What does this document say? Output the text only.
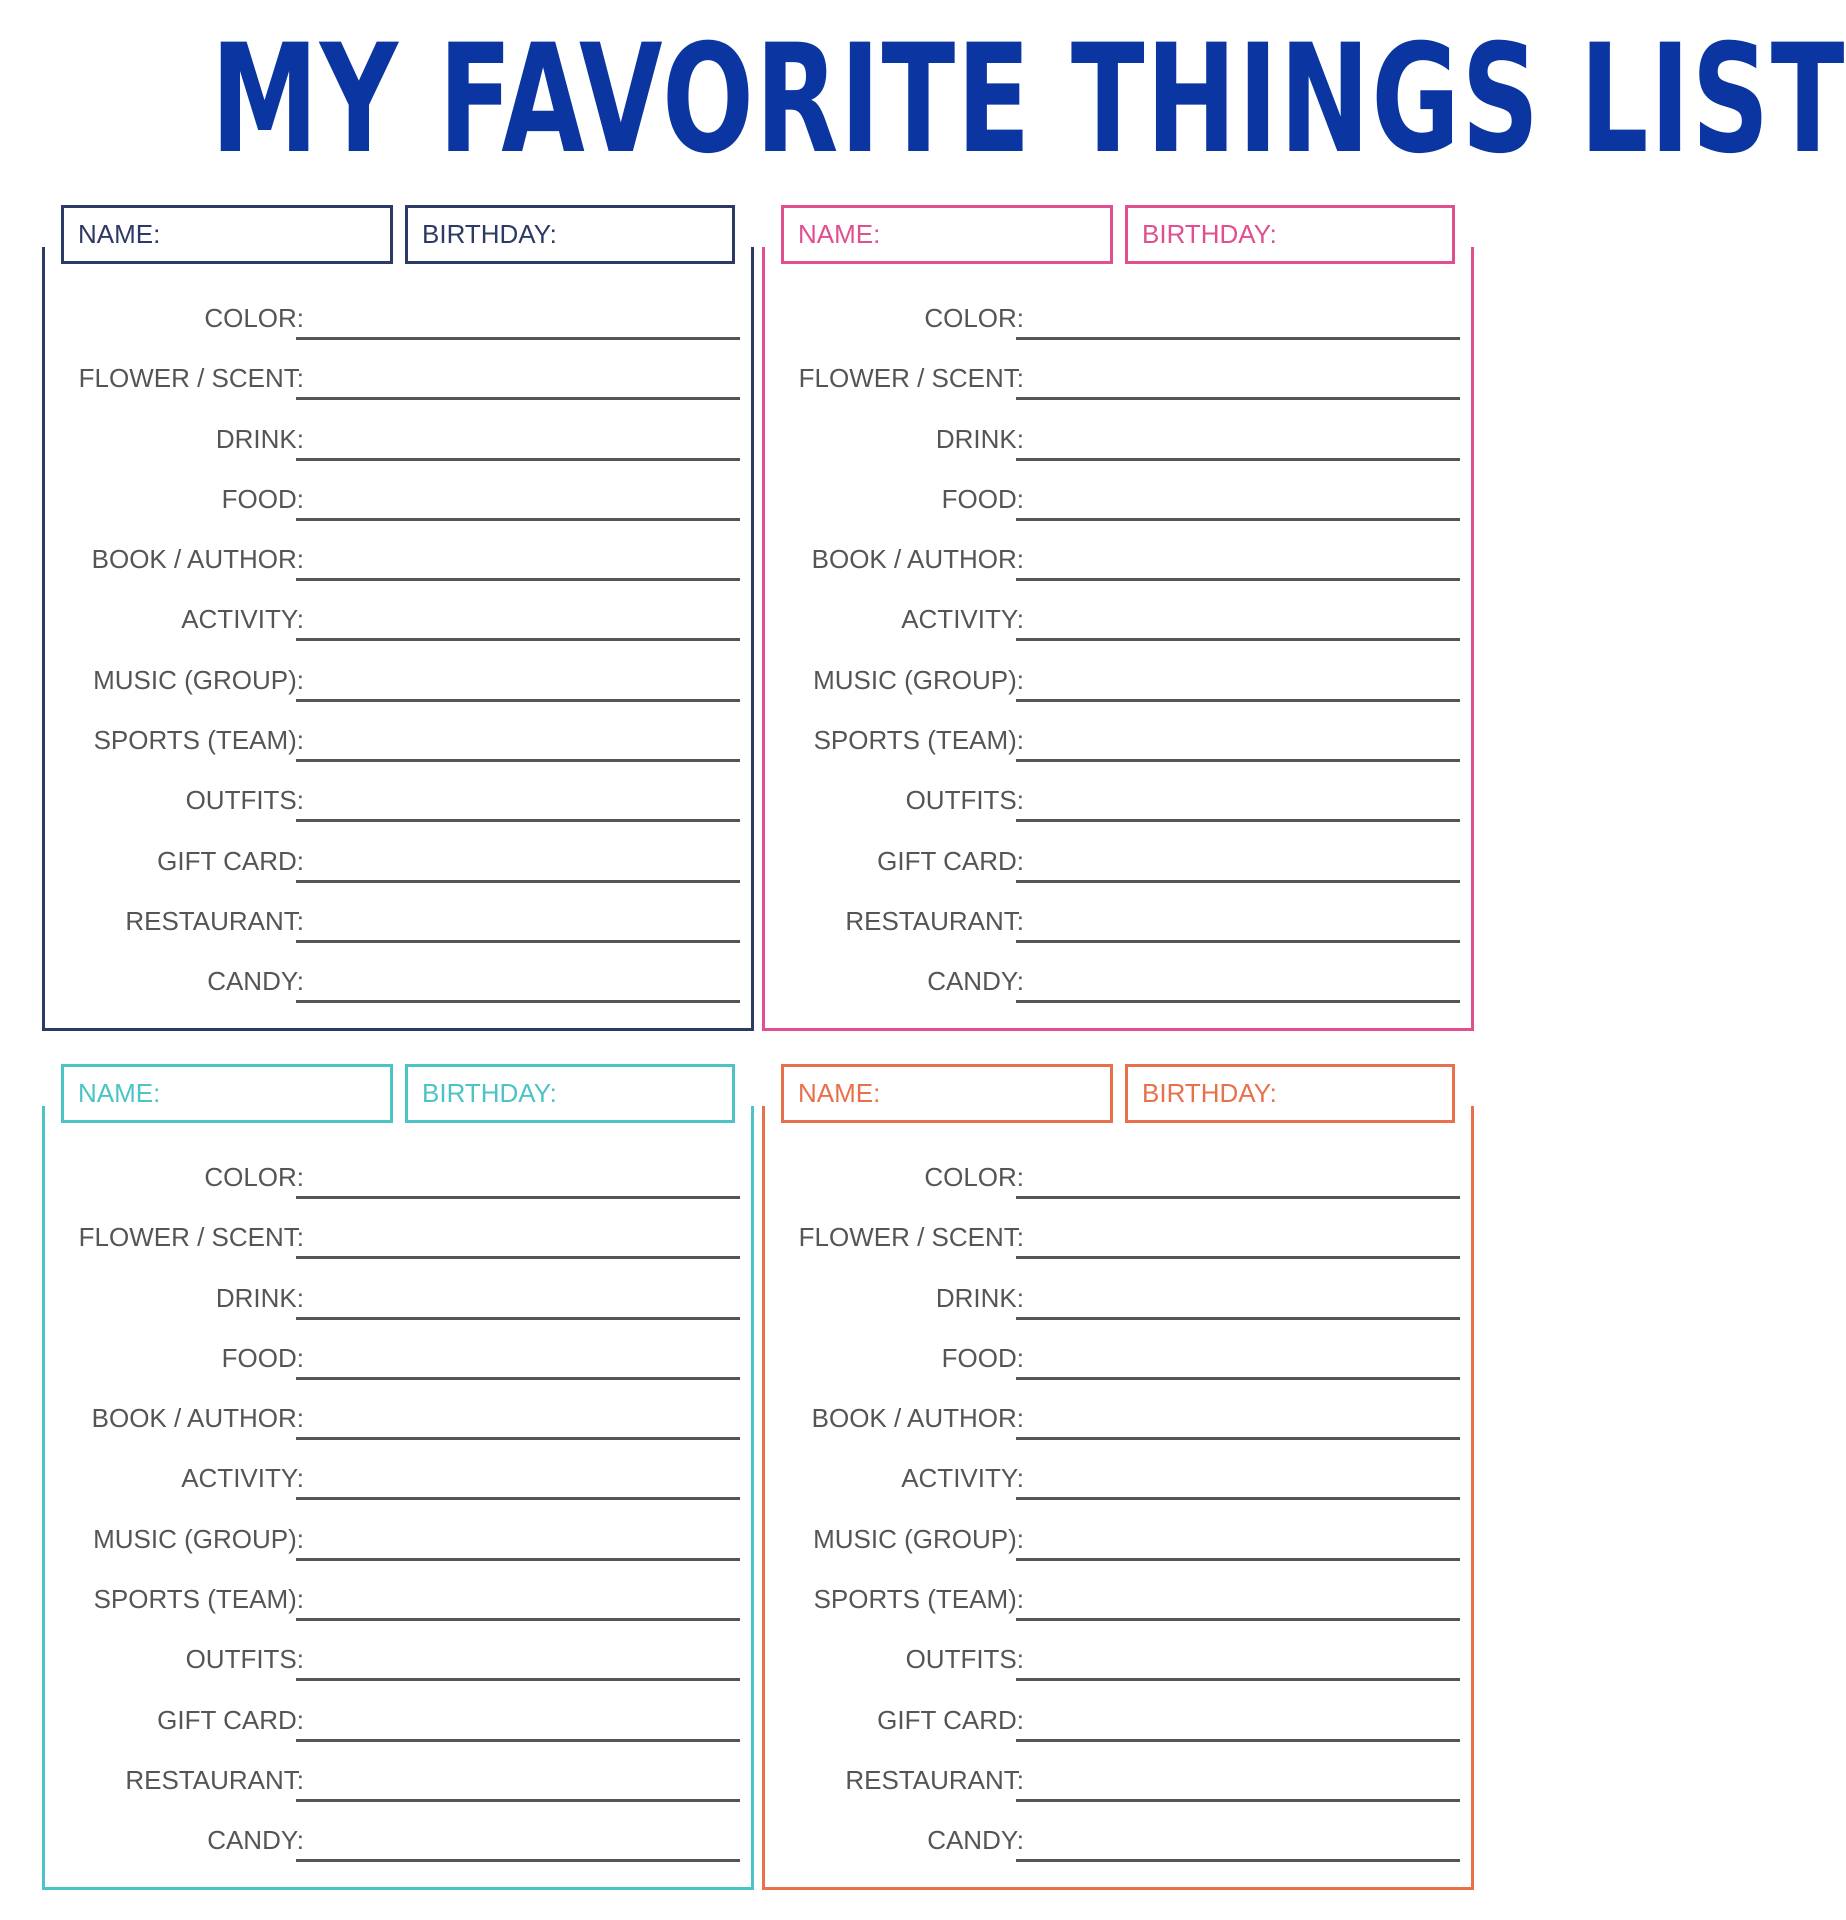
MY FAVORITE THINGS LIST
NAME:	BIRTHDAY:
COLOR:
FLOWER / SCENT:
DRINK:
FOOD:
BOOK / AUTHOR:
ACTIVITY:
MUSIC (GROUP):
SPORTS (TEAM):
OUTFITS:
GIFT CARD:
RESTAURANT:
CANDY:
NAME:	BIRTHDAY:
COLOR:
FLOWER / SCENT:
DRINK:
FOOD:
BOOK / AUTHOR:
ACTIVITY:
MUSIC (GROUP):
SPORTS (TEAM):
OUTFITS:
GIFT CARD:
RESTAURANT:
CANDY:
NAME:	BIRTHDAY:
COLOR:
FLOWER / SCENT:
DRINK:
FOOD:
BOOK / AUTHOR:
ACTIVITY:
MUSIC (GROUP):
SPORTS (TEAM):
OUTFITS:
GIFT CARD:
RESTAURANT:
CANDY:
NAME:	BIRTHDAY:
COLOR:
FLOWER / SCENT:
DRINK:
FOOD:
BOOK / AUTHOR:
ACTIVITY:
MUSIC (GROUP):
SPORTS (TEAM):
OUTFITS:
GIFT CARD:
RESTAURANT:
CANDY:
